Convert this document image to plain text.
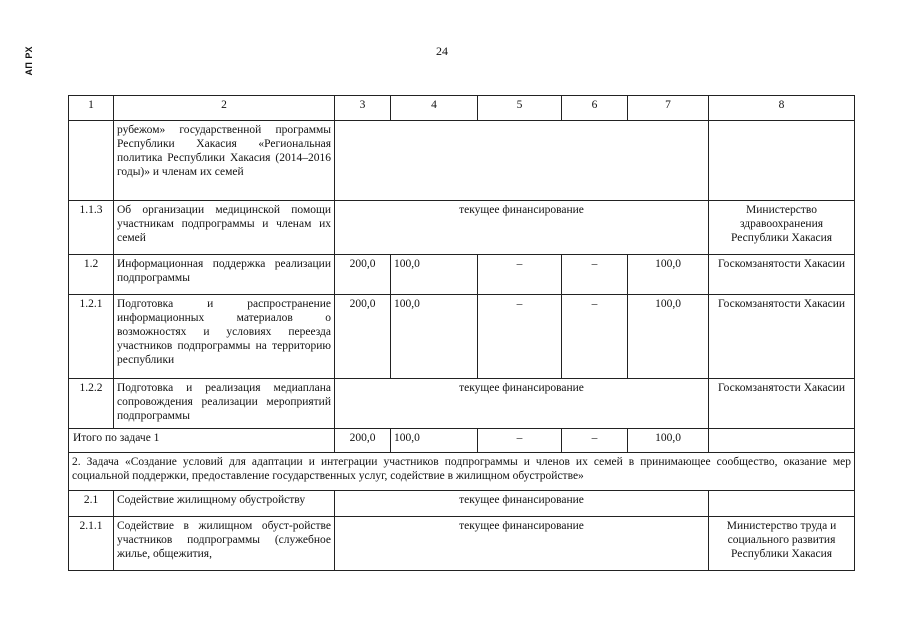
24
АП РХ
1	2	3	4	5	6	7	8
	рубежом» государственной программы Республики Хакасия «Региональная политика Республики Хакасия (2014–2016 годы)» и членам их семей						
1.1.3	Об организации медицинской помощи участникам подпрограммы и членам их семей	текущее финансирование					Министерство здравоохранения Республики Хакасия
1.2	Информационная поддержка реализации подпрограммы	200,0	100,0	–	–	100,0	Госкомзанятости Хакасии
1.2.1	Подготовка и распространение информационных материалов о возможностях и условиях переезда участников подпрограммы на территорию республики	200,0	100,0	–	–	100,0	Госкомзанятости Хакасии
1.2.2	Подготовка и реализация медиаплана сопровождения реализации мероприятий подпрограммы	текущее финансирование					Госкомзанятости Хакасии
Итого по задаче 1		200,0	100,0	–	–	100,0	
2. Задача «Создание условий для адаптации и интеграции участников подпрограммы и членов их семей в принимающее сообщество, оказание мер социальной поддержки, предоставление государственных услуг, содействие в жилищном обустройстве»							
2.1	Содействие жилищному обустройству	текущее финансирование					
2.1.1	Содействие в жилищном обуст-ройстве участников подпрограммы (служебное жилье, общежития,	текущее финансирование					Министерство труда и социального развития Республики Хакасия
